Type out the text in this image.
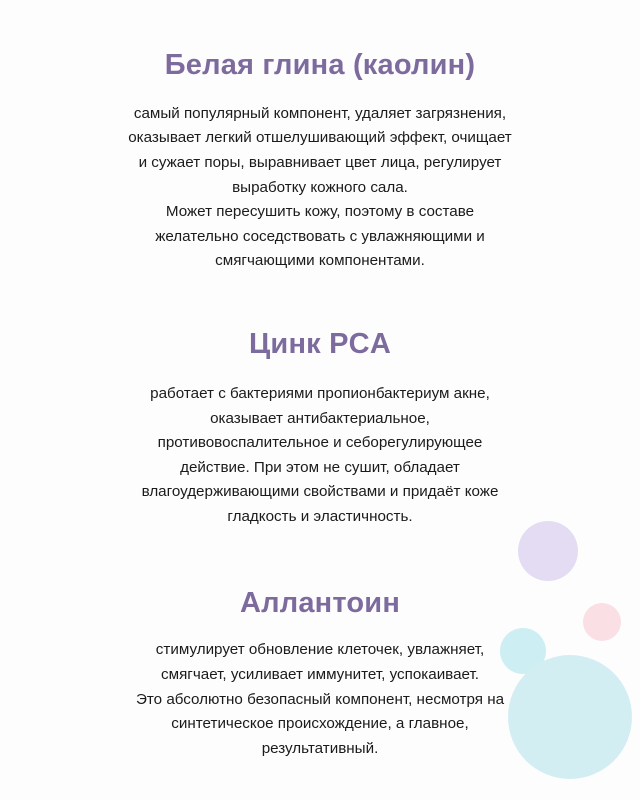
Белая глина (каолин)

самый популярный компонент, удаляет загрязнения,
оказывает легкий отшелушивающий эффект, очищает
и сужает поры, выравнивает цвет лица, регулирует
выработку кожного сала.
Может пересушить кожу, поэтому в составе
желательно соседствовать с увлажняющими и
смягчающими компонентами.

Цинк PCA

работает с бактериями пропионбактериум акне,
оказывает антибактериальное,
противовоспалительное и себорегулирующее
действие. При этом не сушит, обладает
влагоудерживающими свойствами и придаёт коже
гладкость и эластичность.

Аллантоин

стимулирует обновление клеточек, увлажняет,
смягчает, усиливает иммунитет, успокаивает.
Это абсолютно безопасный компонент, несмотря на
синтетическое происхождение, а главное,
результативный.
